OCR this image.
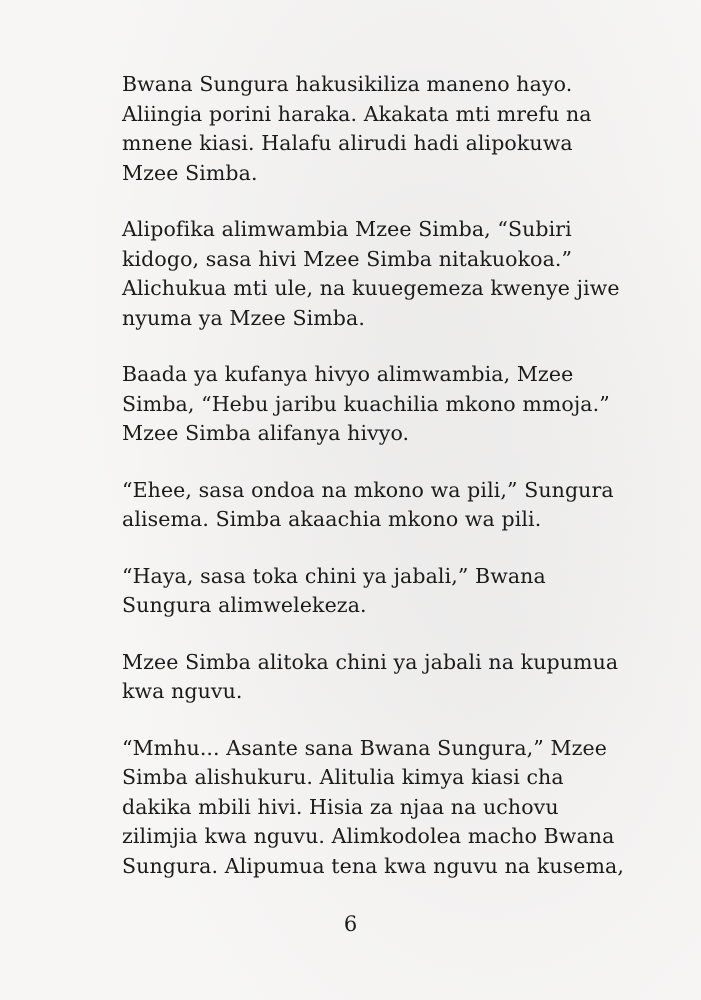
Bwana Sungura hakusikiliza maneno hayo.
Aliingia porini haraka. Akakata mti mrefu na
mnene kiasi. Halafu alirudi hadi alipokuwa
Mzee Simba.

Alipofika alimwambia Mzee Simba, “Subiri
kidogo, sasa hivi Mzee Simba nitakuokoa.”
Alichukua mti ule, na kuuegemeza kwenye jiwe
nyuma ya Mzee Simba.

Baada ya kufanya hivyo alimwambia, Mzee
Simba, “Hebu jaribu kuachilia mkono mmoja.”
Mzee Simba alifanya hivyo.

“Ehee, sasa ondoa na mkono wa pili,” Sungura
alisema. Simba akaachia mkono wa pili.

“Haya, sasa toka chini ya jabali,” Bwana
Sungura alimwelekeza.

Mzee Simba alitoka chini ya jabali na kupumua
kwa nguvu.

“Mmhu... Asante sana Bwana Sungura,” Mzee
Simba alishukuru. Alitulia kimya kiasi cha
dakika mbili hivi. Hisia za njaa na uchovu
zilimjia kwa nguvu. Alimkodolea macho Bwana
Sungura. Alipumua tena kwa nguvu na kusema,

6
